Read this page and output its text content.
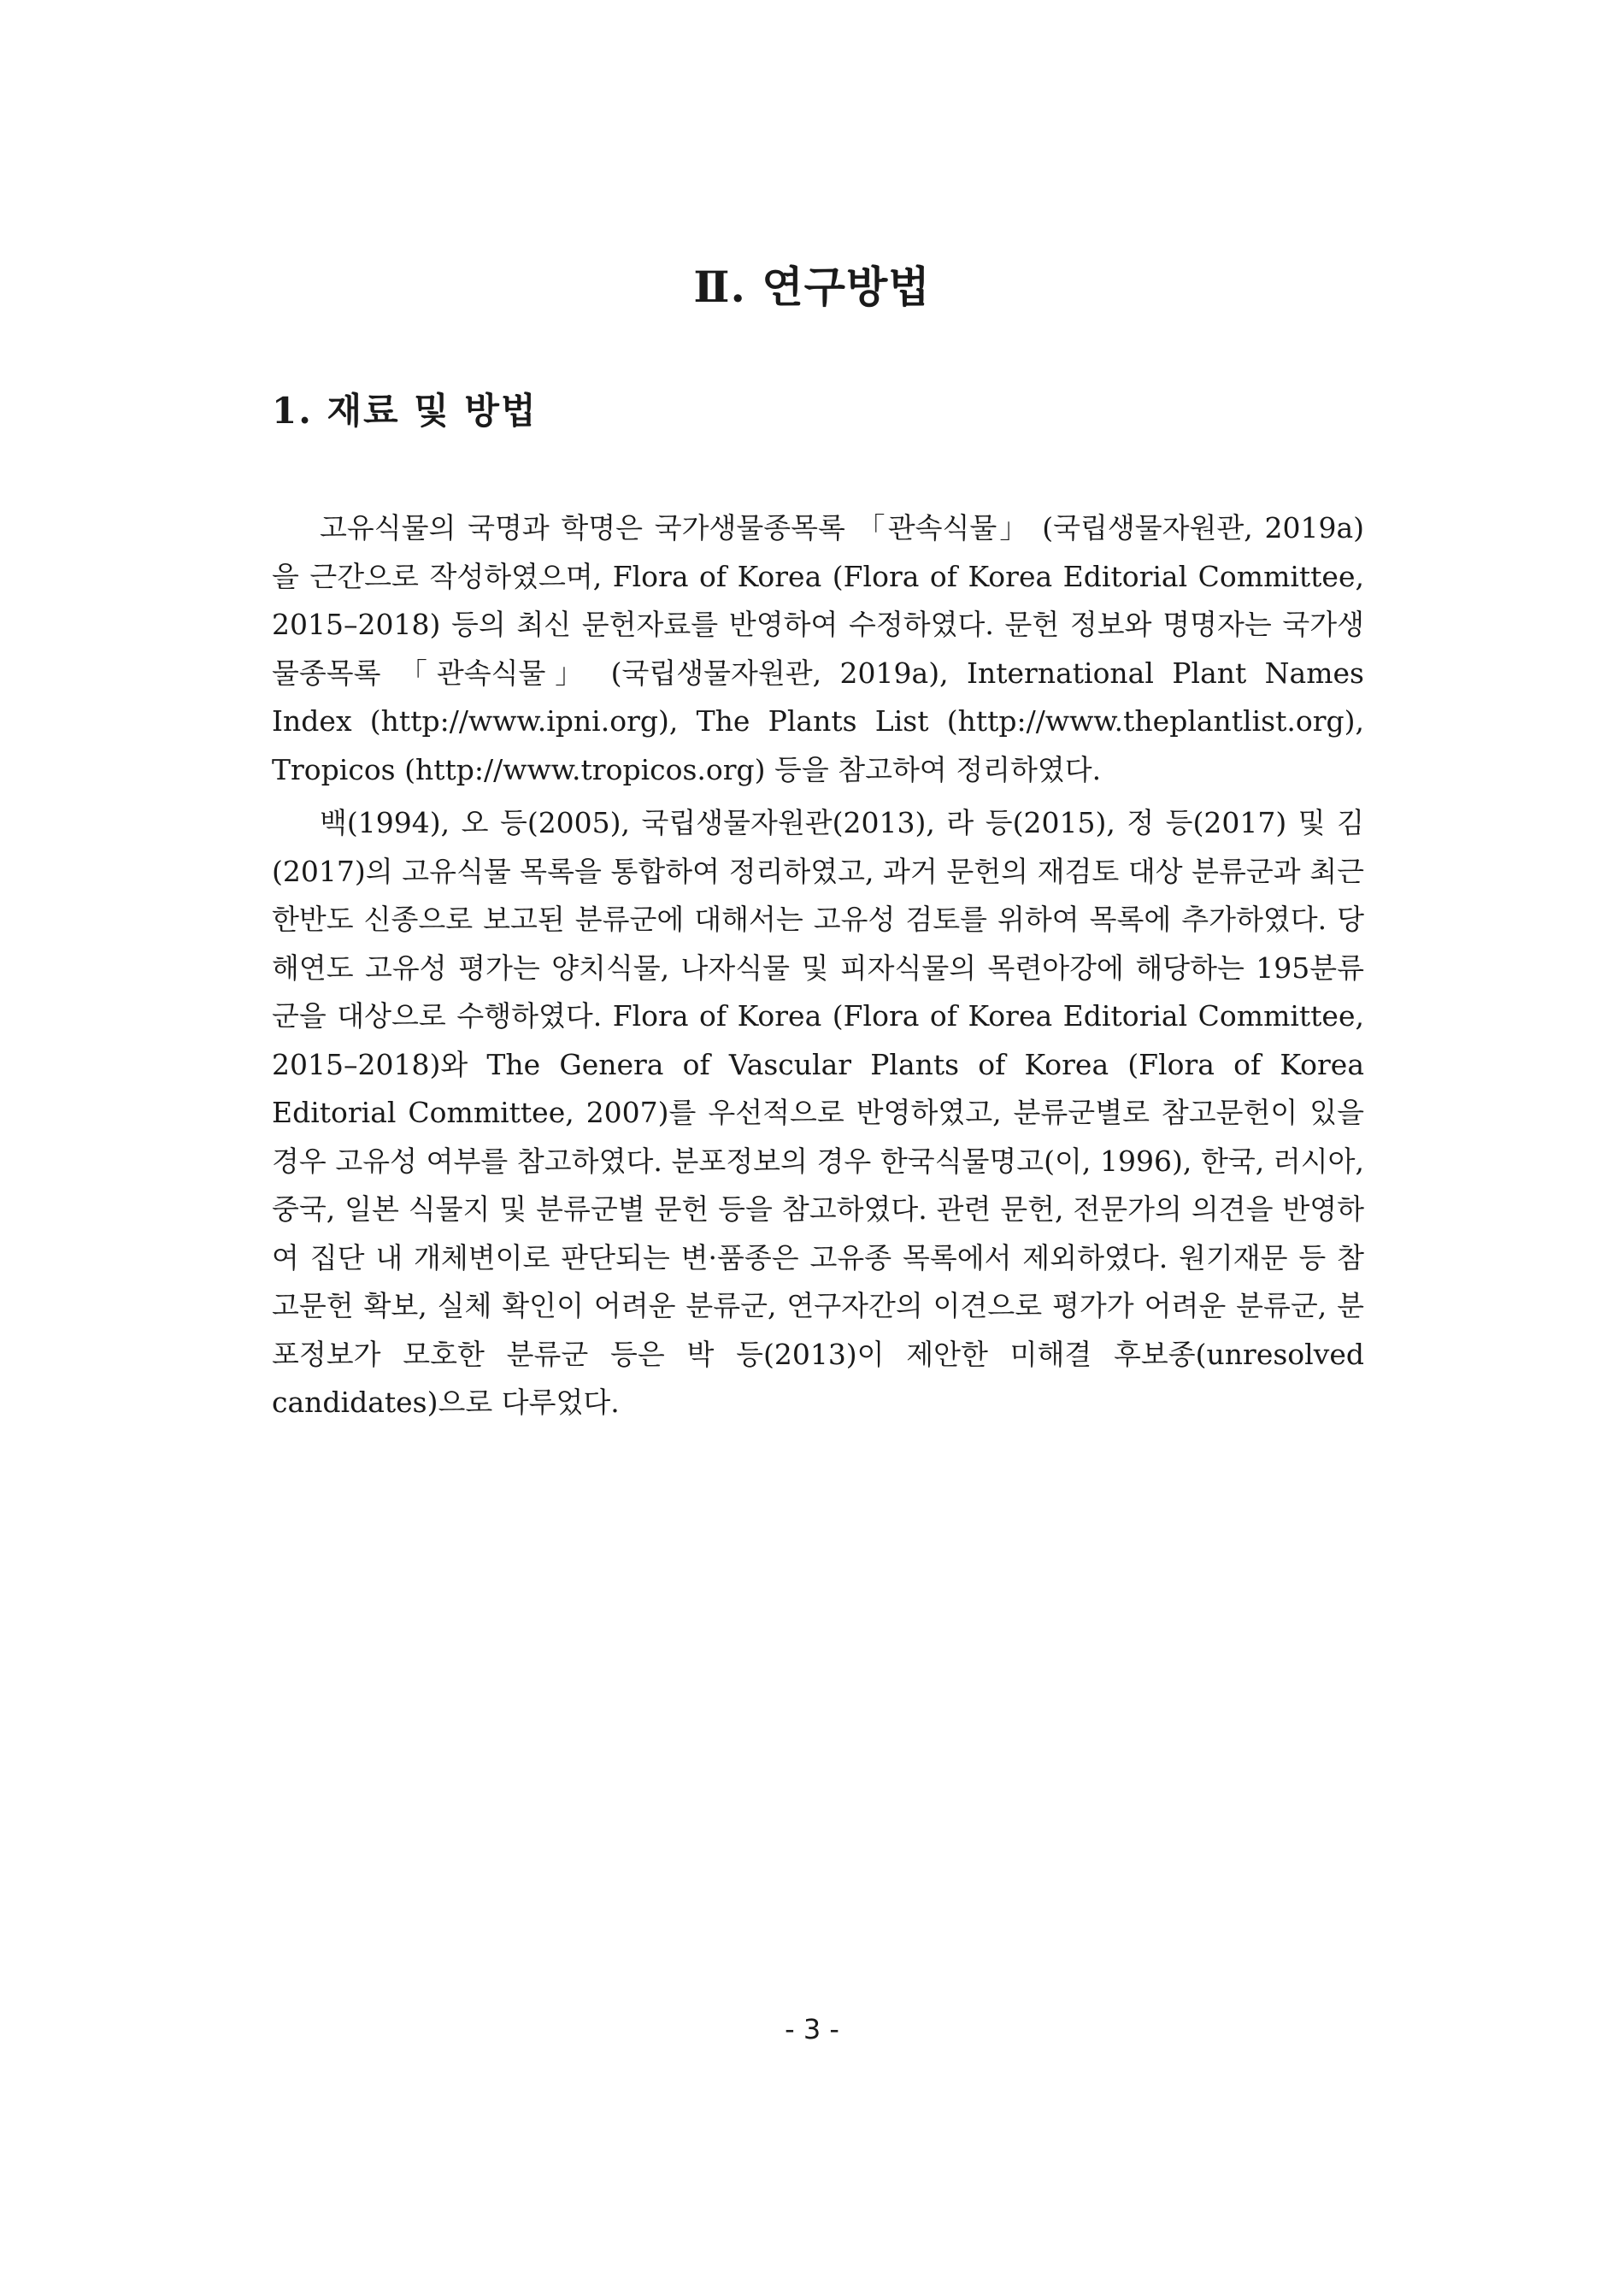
Ⅱ. 연구방법
1. 재료 및 방법

고유식물의 국명과 학명은 국가생물종목록 「관속식물」 (국립생물자원관, 2019a)을 근간으로 작성하였으며, Flora of Korea (Flora of Korea Editorial Committee, 2015–2018) 등의 최신 문헌자료를 반영하여 수정하였다. 문헌 정보와 명명자는 국가생물종목록 「관속식물」 (국립생물자원관, 2019a), International Plant Names Index (http://www.ipni.org), The Plants List (http://www.theplantlist.org), Tropicos (http://www.tropicos.org) 등을 참고하여 정리하였다.

백(1994), 오 등(2005), 국립생물자원관(2013), 라 등(2015), 정 등(2017) 및 김(2017)의 고유식물 목록을 통합하여 정리하였고, 과거 문헌의 재검토 대상 분류군과 최근 한반도 신종으로 보고된 분류군에 대해서는 고유성 검토를 위하여 목록에 추가하였다. 당해연도 고유성 평가는 양치식물, 나자식물 및 피자식물의 목련아강에 해당하는 195분류군을 대상으로 수행하였다. Flora of Korea (Flora of Korea Editorial Committee, 2015–2018)와 The Genera of Vascular Plants of Korea (Flora of Korea Editorial Committee, 2007)를 우선적으로 반영하였고, 분류군별로 참고문헌이 있을 경우 고유성 여부를 참고하였다. 분포정보의 경우 한국식물명고(이, 1996), 한국, 러시아, 중국, 일본 식물지 및 분류군별 문헌 등을 참고하였다. 관련 문헌, 전문가의 의견을 반영하여 집단 내 개체변이로 판단되는 변·품종은 고유종 목록에서 제외하였다. 원기재문 등 참고문헌 확보, 실체 확인이 어려운 분류군, 연구자간의 이견으로 평가가 어려운 분류군, 분포정보가 모호한 분류군 등은 박 등(2013)이 제안한 미해결 후보종(unresolved candidates)으로 다루었다.

- 3 -
